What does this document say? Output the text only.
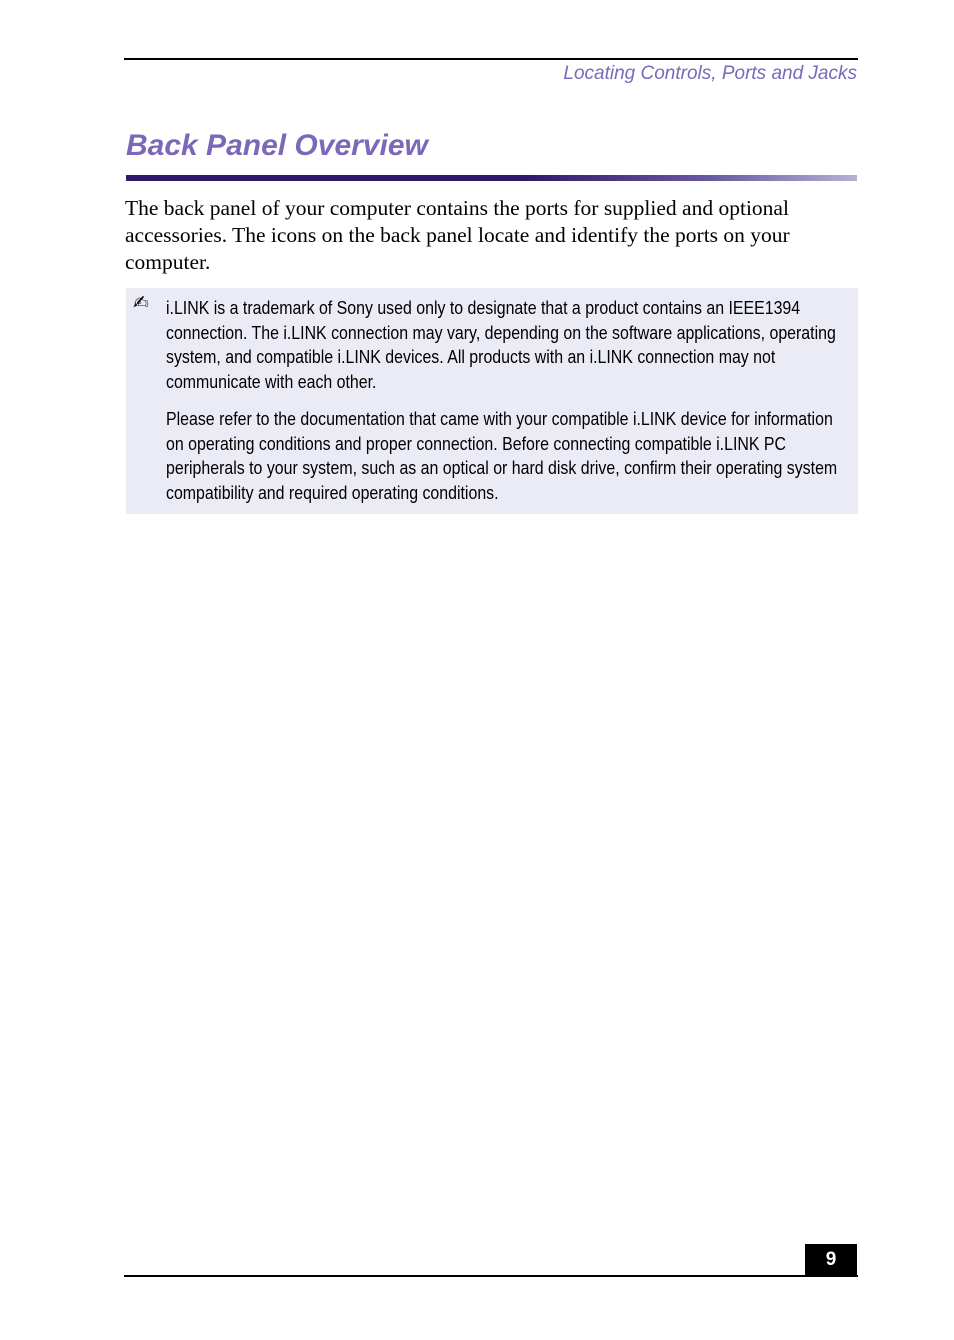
Locating Controls, Ports and Jacks
Back Panel Overview

The back panel of your computer contains the ports for supplied and optional accessories. The icons on the back panel locate and identify the ports on your computer.

✍ i.LINK is a trademark of Sony used only to designate that a product contains an IEEE1394 connection. The i.LINK connection may vary, depending on the software applications, operating system, and compatible i.LINK devices. All products with an i.LINK connection may not communicate with each other.

Please refer to the documentation that came with your compatible i.LINK device for information on operating conditions and proper connection. Before connecting compatible i.LINK PC peripherals to your system, such as an optical or hard disk drive, confirm their operating system compatibility and required operating conditions.

9
